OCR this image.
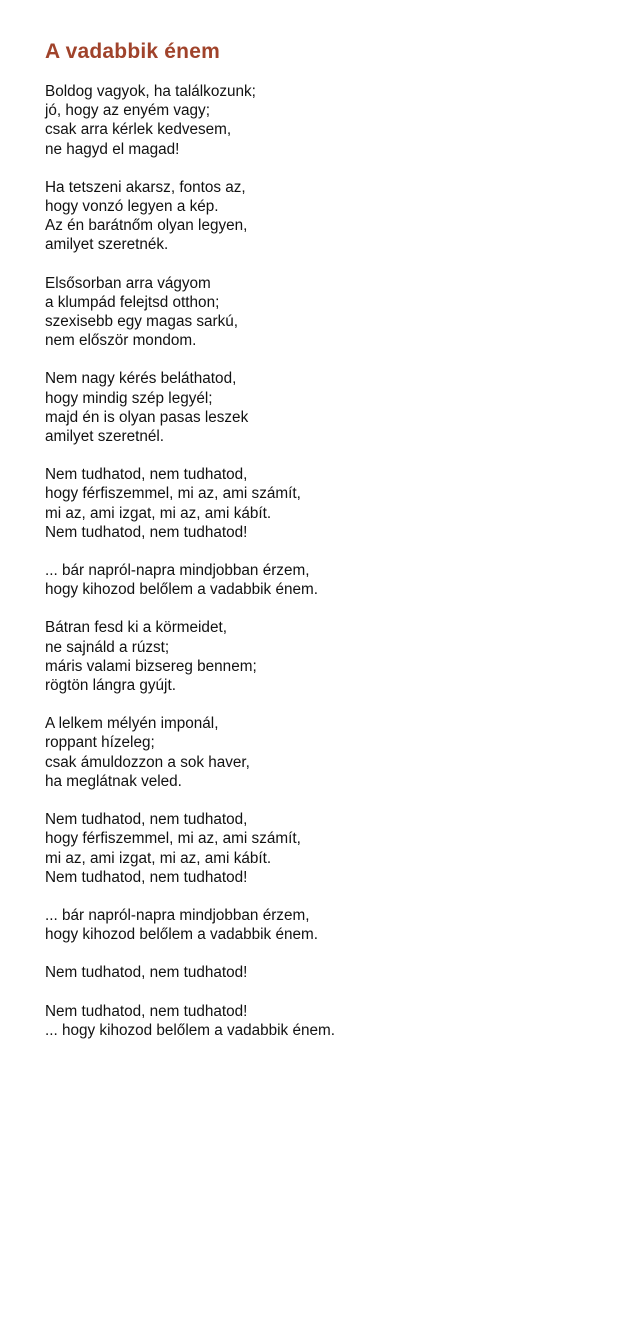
A vadabbik énem
Boldog vagyok, ha találkozunk;
jó, hogy az enyém vagy;
csak arra kérlek kedvesem,
ne hagyd el magad!
Ha tetszeni akarsz, fontos az,
hogy vonzó legyen a kép.
Az én barátnőm olyan legyen,
amilyet szeretnék.
Elsősorban arra vágyom
a klumpád felejtsd otthon;
szexisebb egy magas sarkú,
nem először mondom.
Nem nagy kérés beláthatod,
hogy mindig szép legyél;
majd én is olyan pasas leszek
amilyet szeretnél.
Nem tudhatod, nem tudhatod,
hogy férfiszemmel, mi az, ami számít,
mi az, ami izgat, mi az, ami kábít.
Nem tudhatod, nem tudhatod!
... bár napról-napra mindjobban érzem,
hogy kihozod belőlem a vadabbik énem.
Bátran fesd ki a körmeidet,
ne sajnáld a rúzst;
máris valami bizsereg bennem;
rögtön lángra gyújt.
A lelkem mélyén imponál,
roppant hízeleg;
csak ámuldozzon a sok haver,
ha meglátnak veled.
Nem tudhatod, nem tudhatod,
hogy férfiszemmel, mi az, ami számít,
mi az, ami izgat, mi az, ami kábít.
Nem tudhatod, nem tudhatod!
... bár napról-napra mindjobban érzem,
hogy kihozod belőlem a vadabbik énem.
Nem tudhatod, nem tudhatod!
Nem tudhatod, nem tudhatod!
... hogy kihozod belőlem a vadabbik énem.
